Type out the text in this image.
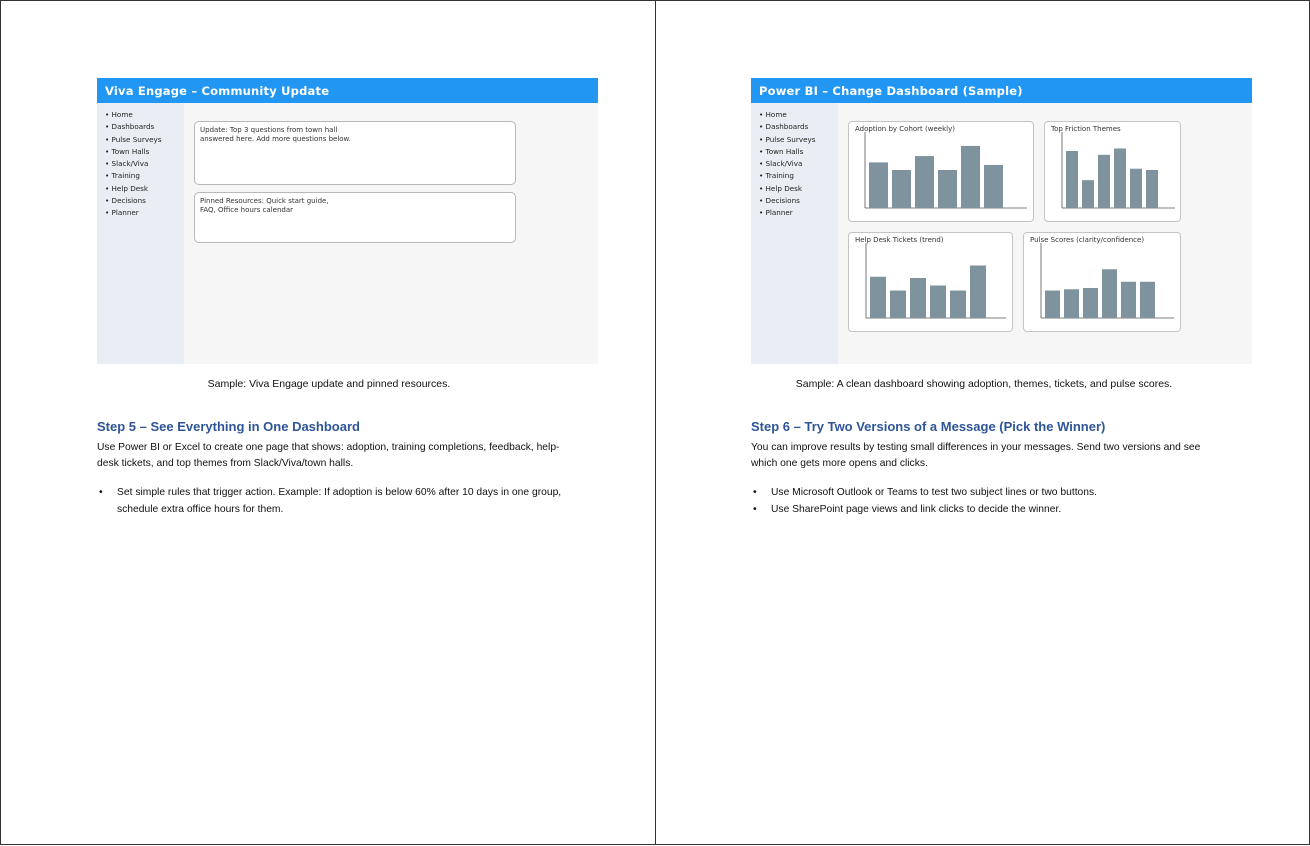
Viva Engage – Community Update
• Home
• Dashboards
• Pulse Surveys
• Town Halls
• Slack/Viva
• Training
• Help Desk
• Decisions
• Planner
Update: Top 3 questions from town hall
answered here. Add more questions below.
Pinned Resources: Quick start guide,
FAQ, Office hours calendar
Sample: Viva Engage update and pinned resources.
Step 5 – See Everything in One Dashboard
Use Power BI or Excel to create one page that shows: adoption, training completions, feedback, help-desk tickets, and top themes from Slack/Viva/town halls.
• Set simple rules that trigger action. Example: If adoption is below 60% after 10 days in one group, schedule extra office hours for them.
Power BI – Change Dashboard (Sample)
• Home
• Dashboards
• Pulse Surveys
• Town Halls
• Slack/Viva
• Training
• Help Desk
• Decisions
• Planner
Adoption by Cohort (weekly)	Top Friction Themes
Help Desk Tickets (trend)	Pulse Scores (clarity/confidence)
Sample: A clean dashboard showing adoption, themes, tickets, and pulse scores.
Step 6 – Try Two Versions of a Message (Pick the Winner)
You can improve results by testing small differences in your messages. Send two versions and see which one gets more opens and clicks.
• Use Microsoft Outlook or Teams to test two subject lines or two buttons.
• Use SharePoint page views and link clicks to decide the winner.
